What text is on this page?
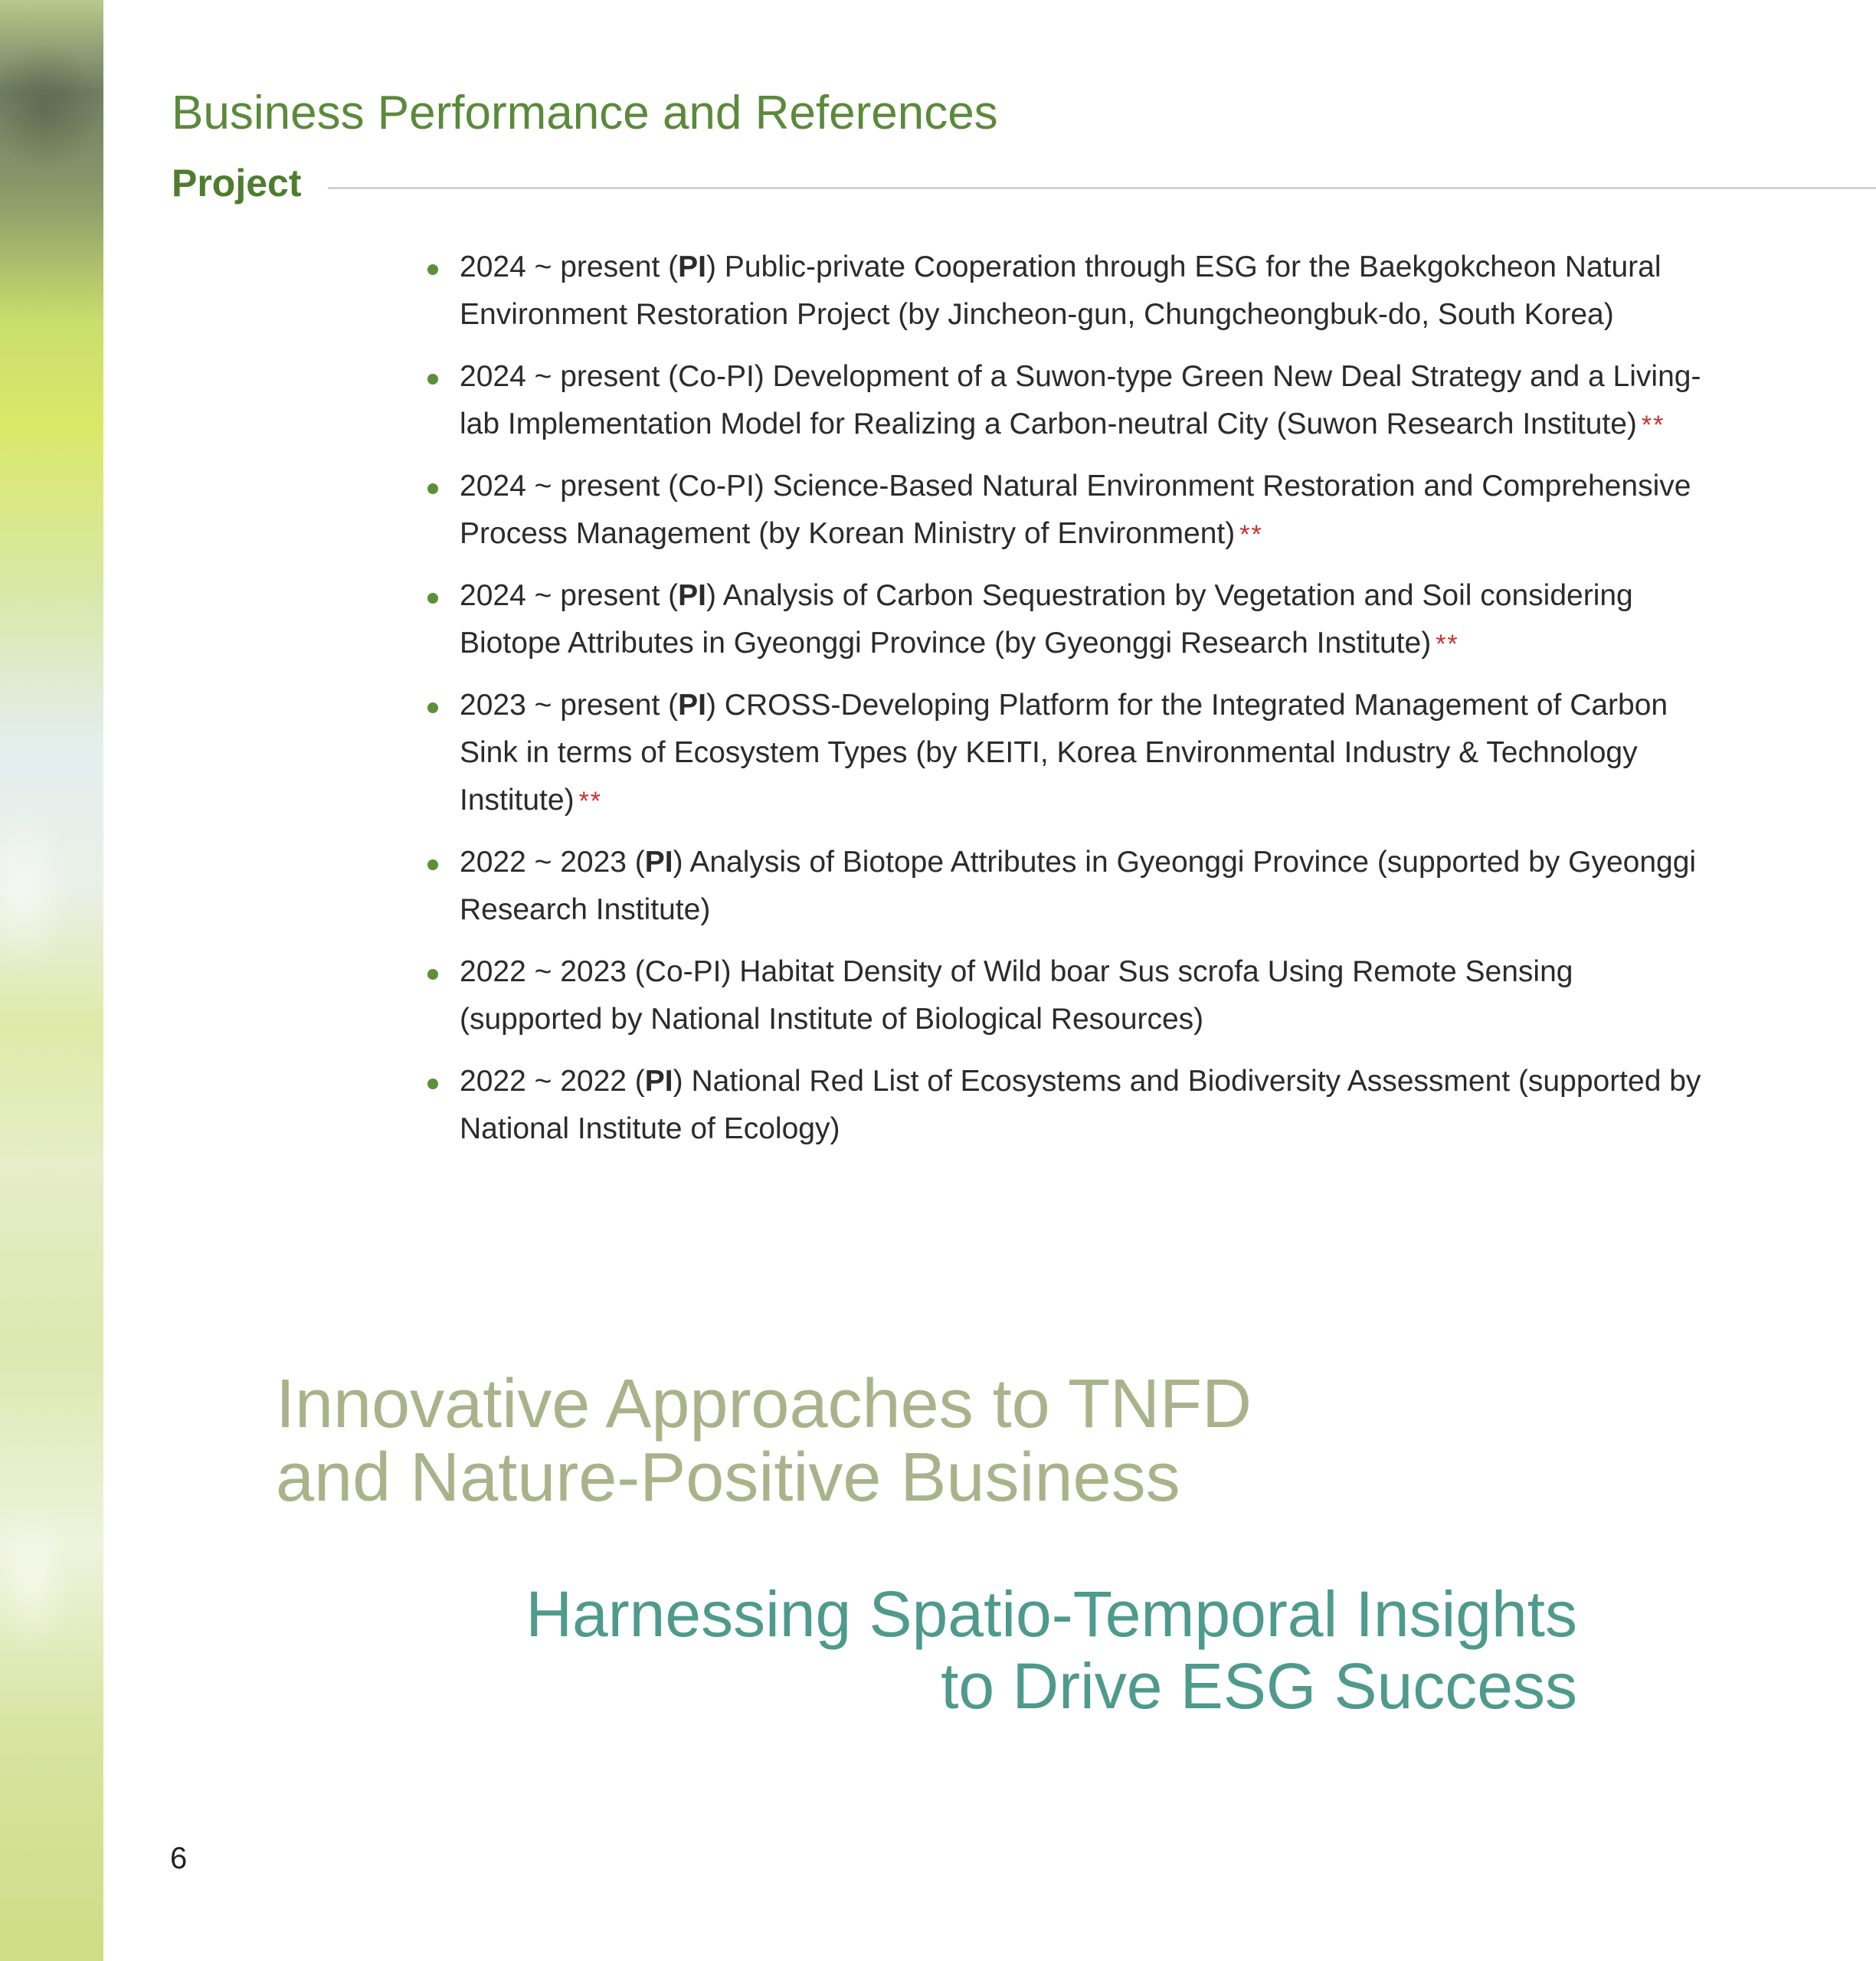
Business Performance and References
Project
2024 ~ present (PI) Public-private Cooperation through ESG for the Baekgokcheon Natural Environment Restoration Project (by Jincheon-gun, Chungcheongbuk-do, South Korea)
2024 ~ present (Co-PI) Development of a Suwon-type Green New Deal Strategy and a Living-lab Implementation Model for Realizing a Carbon-neutral City (Suwon Research Institute) **
2024 ~ present (Co-PI) Science-Based Natural Environment Restoration and Comprehensive Process Management (by Korean Ministry of Environment) **
2024 ~ present (PI) Analysis of Carbon Sequestration by Vegetation and Soil considering Biotope Attributes in Gyeonggi Province (by Gyeonggi Research Institute) **
2023 ~ present (PI) CROSS-Developing Platform for the Integrated Management of Carbon Sink in terms of Ecosystem Types (by KEITI, Korea Environmental Industry & Technology Institute) **
2022 ~ 2023 (PI) Analysis of Biotope Attributes in Gyeonggi Province (supported by Gyeonggi Research Institute)
2022 ~ 2023 (Co-PI) Habitat Density of Wild boar Sus scrofa Using Remote Sensing (supported by National Institute of Biological Resources)
2022 ~ 2022 (PI) National Red List of Ecosystems and Biodiversity Assessment (supported by National Institute of Ecology)
Innovative Approaches to TNFD
and Nature-Positive Business
Harnessing Spatio-Temporal Insights
to Drive ESG Success
6
